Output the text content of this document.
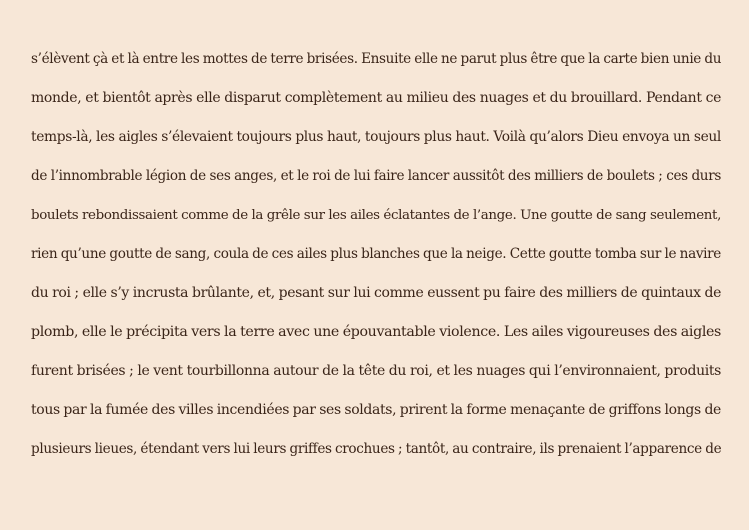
s’élèvent çà et là entre les mottes de terre brisées. Ensuite elle ne parut plus être que la carte bien unie du
monde, et bientôt après elle disparut complètement au milieu des nuages et du brouillard. Pendant ce
temps-là, les aigles s’élevaient toujours plus haut, toujours plus haut. Voilà qu’alors Dieu envoya un seul
de l’innombrable légion de ses anges, et le roi de lui faire lancer aussitôt des milliers de boulets ; ces durs
boulets rebondissaient comme de la grêle sur les ailes éclatantes de l’ange. Une goutte de sang seulement,
rien qu’une goutte de sang, coula de ces ailes plus blanches que la neige. Cette goutte tomba sur le navire
du roi ; elle s’y incrusta brûlante, et, pesant sur lui comme eussent pu faire des milliers de quintaux de
plomb, elle le précipita vers la terre avec une épouvantable violence. Les ailes vigoureuses des aigles
furent brisées ; le vent tourbillonna autour de la tête du roi, et les nuages qui l’environnaient, produits
tous par la fumée des villes incendiées par ses soldats, prirent la forme menaçante de griffons longs de
plusieurs lieues, étendant vers lui leurs griffes crochues ; tantôt, au contraire, ils prenaient l’apparence de
